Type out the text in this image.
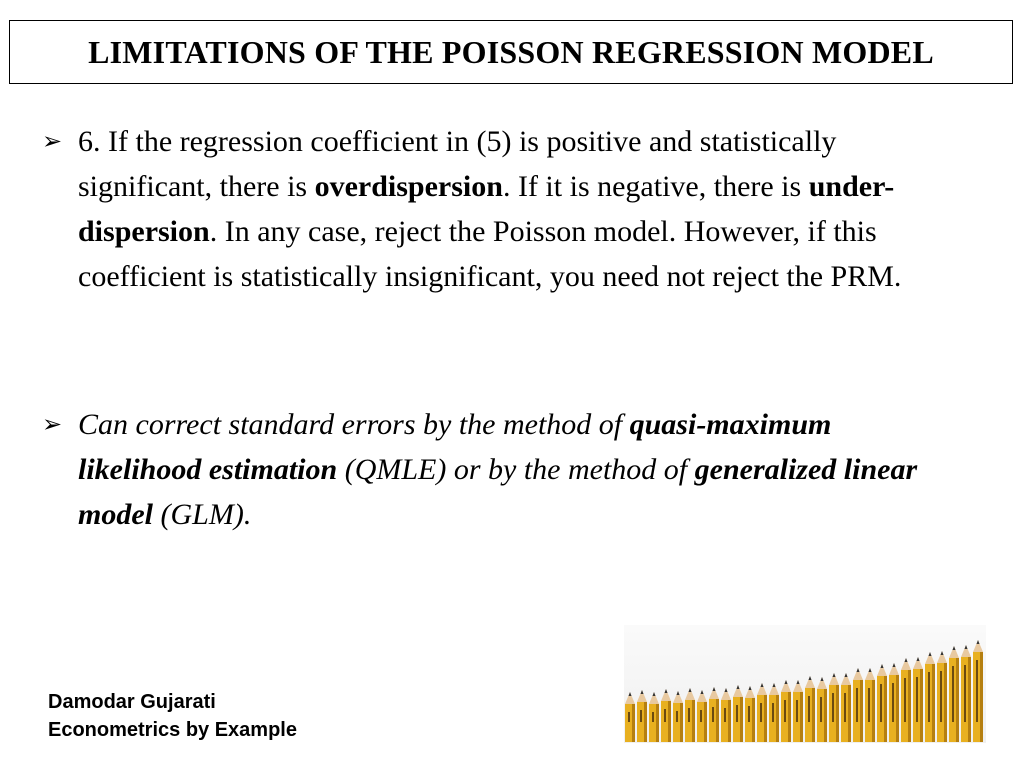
LIMITATIONS OF THE POISSON REGRESSION MODEL
➢ 6. If the regression coefficient in (5) is positive and statistically significant, there is overdispersion. If it is negative, there is under-dispersion. In any case, reject the Poisson model. However, if this coefficient is statistically insignificant, you need not reject the PRM.
➢ Can correct standard errors by the method of quasi-maximum likelihood estimation (QMLE) or by the method of generalized linear model (GLM).
Damodar Gujarati
Econometrics by Example
